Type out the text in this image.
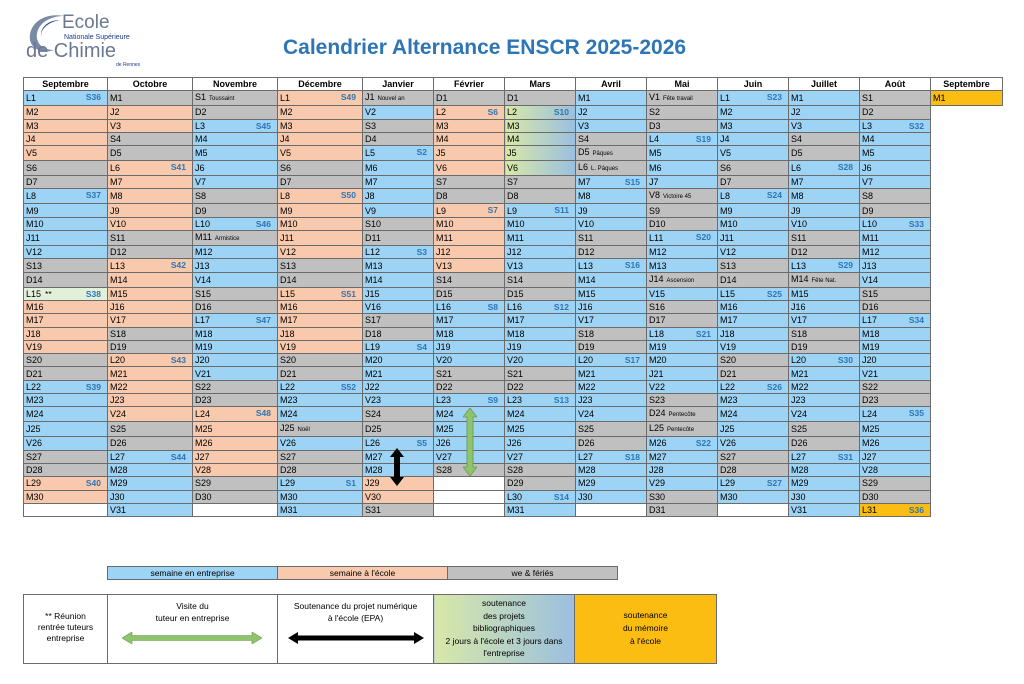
Ecole
Nationale Supérieure
de Chimie
de Rennes
Calendrier Alternance ENSCR 2025-2026
Septembre	Octobre	Novembre	Décembre	Janvier	Février	Mars	Avril	Mai	Juin	Juillet	Août	Septembre
L1 S36	M1	S1 Toussaint	L1 S49	J1 Nouvel an	D1	D1	M1	V1 Fête travail	L1 S23	M1	S1	M1
M2	J2	D2	M2	V2	L2 S6	L2 S10	J2	S2	M2	J2	D2	
M3	V3	L3 S45	M3	S3	M3	M3	V3	D3	M3	V3	L3 S32	

J4	S4	M4	J4	D4	M4	M4	S4	L4 S19	J4	S4	M4	
V5	D5	M5	V5	L5 S2	J5	J5	D5 Pâques	M5	V5	D5	M5	
S6	L6 S41	J6	S6	M6	V6	V6	L6 L. Pâques	M6	S6	L6 S28	J6	
D7	M7	V7	D7	M7	S7	S7	M7 S15	J7	D7	M7	V7	
L8 S37	M8	S8	L8 S50	J8	D8	D8	M8	V8 Victoire 45	L8 S24	M8	S8	
M9	J9	D9	M9	V9	L9 S7	L9 S11	J9	S9	M9	J9	D9	
M10	V10	L10 S46	M10	S10	M10	M10	V10	D10	M10	V10	L10 S33	

J11	S11	M11 Armistice	J11	D11	M11	M11	S11	L11 S20	J11	S11	M11	
V12	D12	M12	V12	L12 S3	J12	J12	D12	M12	V12	D12	M12	
S13	L13 S42	J13	S13	M13	V13	V13	L13 S16	M13	S13	L13 S29	J13	
D14	M14	V14	D14	M14	S14	S14	M14	J14 Ascension	D14	M14 Fête Nat.	V14	
L15 ** S38	M15	S15	L15 S51	J15	D15	D15	M15	V15	L15 S25	M15	S15	
M16	J16	D16	M16	V16	L16 S8	L16 S12	J16	S16	M16	J16	D16	
M17	V17	L17 S47	M17	S17	M17	M17	V17	D17	M17	V17	L17 S34	

J18	S18	M18	J18	D18	M18	M18	S18	L18 S21	J18	S18	M18	
V19	D19	M19	V19	L19 S4	J19	J19	D19	M19	V19	D19	M19	
S20	L20 S43	J20	S20	M20	V20	V20	L20 S17	M20	S20	L20 S30	J20	
D21	M21	V21	D21	M21	S21	S21	M21	J21	D21	M21	V21	
L22 S39	M22	S22	L22 S52	J22	D22	D22	M22	V22	L22 S26	M22	S22	
M23	J23	D23	M23	V23	L23 S9	L23 S13	J23	S23	M23	J23	D23	
M24	V24	L24 S48	M24	S24	M24	M24	V24	D24 Pentecôte	M24	V24	L24 S35	

J25	S25	M25	J25 Noël	D25	M25	M25	S25	L25 Pentecôte	J25	S25	M25	
V26	D26	M26	V26	L26 S5	J26	J26	D26	M26 S22	V26	D26	M26	
S27	L27 S44	J27	S27	M27	V27	V27	L27 S18	M27	S27	L27 S31	J27	
D28	M28	V28	D28	M28	S28	S28	M28	J28	D28	M28	V28	
L29 S40	M29	S29	L29 S1	J29		D29	M29	V29	L29 S27	M29	S29	
M30	J30	D30	M30	V30		L30 S14	J30	S30	M30	J30	D30	
	V31		M31	S31		M31		D31		V31	L31 S36	

semaine en entreprise	semaine à l'école	we & fériés
** Réunion
rentrée tuteurs
entreprise

Visite du
tuteur en entreprise

Soutenance du projet numérique
à l'école (EPA)

soutenance
des projets
bibliographiques
2 jours à l'école et 3 jours dans
l'entreprise

soutenance
du mémoire
à l'école
